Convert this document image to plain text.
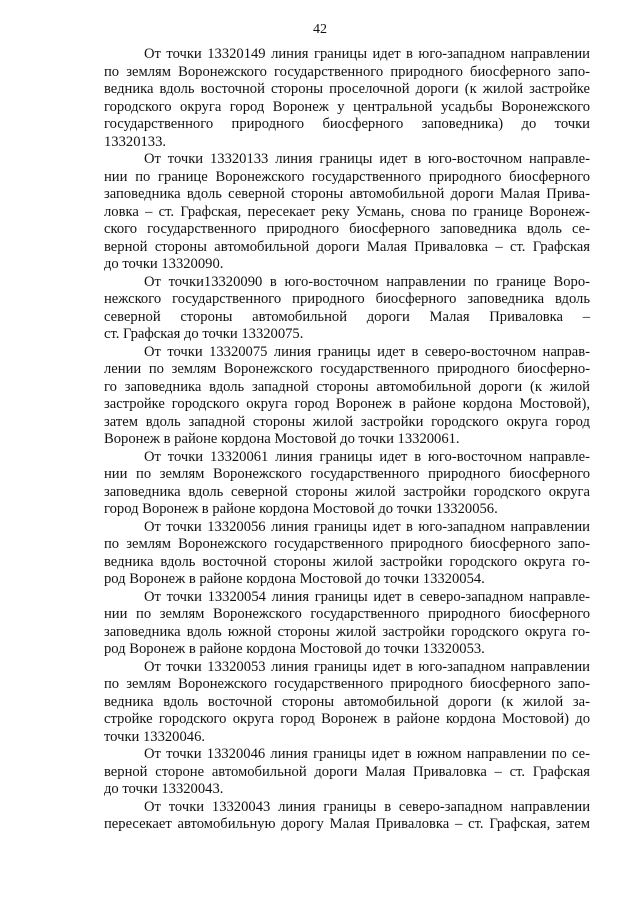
42
От точки 13320149 линия границы идет в юго-западном направлении
по землям Воронежского государственного природного биосферного запо-
ведника вдоль восточной стороны проселочной дороги (к жилой застройке
городского округа город Воронеж у центральной усадьбы Воронежского
государственного природного биосферного заповедника) до точки
13320133.
От точки 13320133 линия границы идет в юго-восточном направле-
нии по границе Воронежского государственного природного биосферного
заповедника вдоль северной стороны автомобильной дороги Малая Прива-
ловка – ст. Графская, пересекает реку Усмань, снова по границе Воронеж-
ского государственного природного биосферного заповедника вдоль се-
верной стороны автомобильной дороги Малая Приваловка – ст. Графская
до точки 13320090.
От точки13320090 в юго-восточном направлении по границе Воро-
нежского государственного природного биосферного заповедника вдоль
северной стороны автомобильной дороги Малая Приваловка –
ст. Графская до точки 13320075.
От точки 13320075 линия границы идет в северо-восточном направ-
лении по землям Воронежского государственного природного биосферно-
го заповедника вдоль западной стороны автомобильной дороги (к жилой
застройке городского округа город Воронеж в районе кордона Мостовой),
затем вдоль западной стороны жилой застройки городского округа город
Воронеж в районе кордона Мостовой до точки 13320061.
От точки 13320061 линия границы идет в юго-восточном направле-
нии по землям Воронежского государственного природного биосферного
заповедника вдоль северной стороны жилой застройки городского округа
город Воронеж в районе кордона Мостовой до точки 13320056.
От точки 13320056 линия границы идет в юго-западном направлении
по землям Воронежского государственного природного биосферного запо-
ведника вдоль восточной стороны жилой застройки городского округа го-
род Воронеж в районе кордона Мостовой до точки 13320054.
От точки 13320054 линия границы идет в северо-западном направле-
нии по землям Воронежского государственного природного биосферного
заповедника вдоль южной стороны жилой застройки городского округа го-
род Воронеж в районе кордона Мостовой до точки 13320053.
От точки 13320053 линия границы идет в юго-западном направлении
по землям Воронежского государственного природного биосферного запо-
ведника вдоль восточной стороны автомобильной дороги (к жилой за-
стройке городского округа город Воронеж в районе кордона Мостовой) до
точки 13320046.
От точки 13320046 линия границы идет в южном направлении по се-
верной стороне автомобильной дороги Малая Приваловка – ст. Графская
до точки 13320043.
От точки 13320043 линия границы в северо-западном направлении
пересекает автомобильную дорогу Малая Приваловка – ст. Графская, затем
